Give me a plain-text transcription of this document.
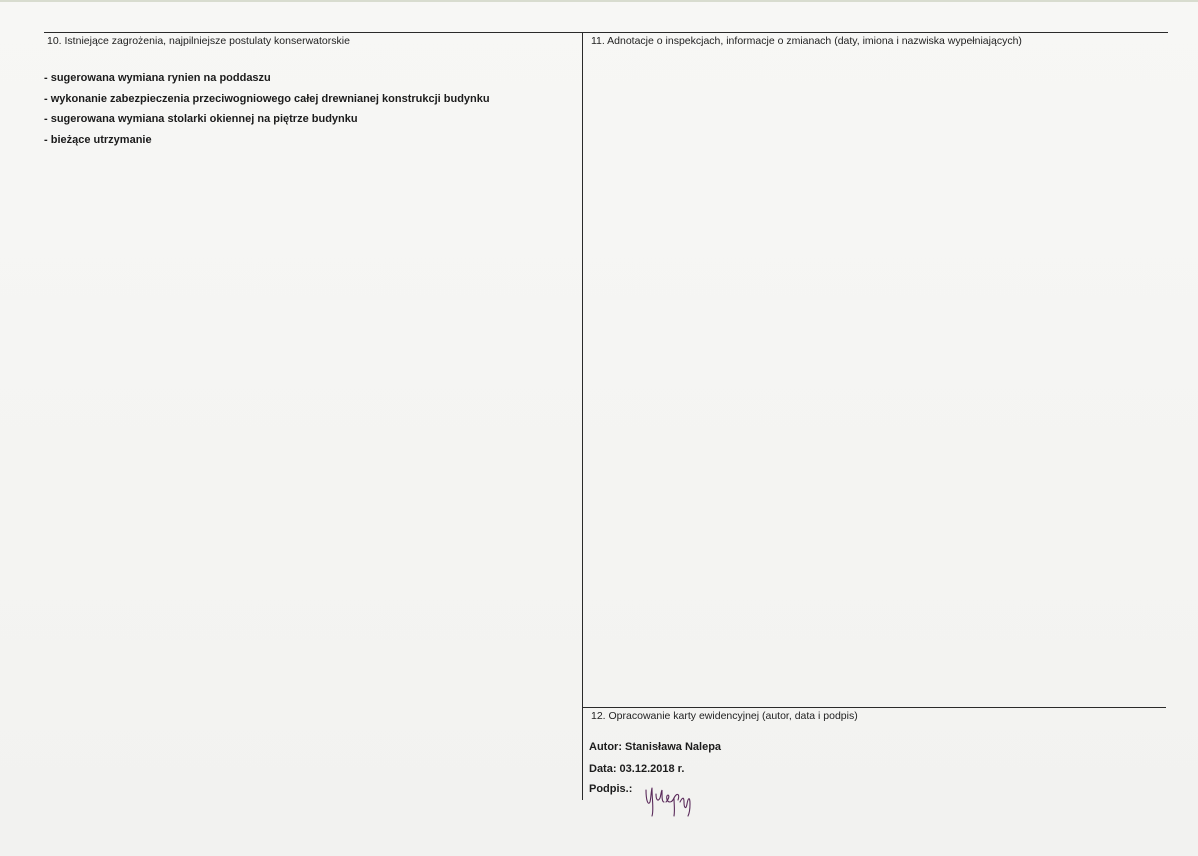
10. Istniejące zagrożenia, najpilniejsze postulaty konserwatorskie
- sugerowana wymiana rynien na poddaszu
- wykonanie zabezpieczenia przeciwogniowego całej drewnianej konstrukcji budynku
- sugerowana wymiana stolarki okiennej na piętrze budynku
- bieżące utrzymanie
11. Adnotacje o inspekcjach, informacje o zmianach (daty, imiona i nazwiska wypełniających)
12. Opracowanie karty ewidencyjnej (autor, data i podpis)
Autor: Stanisława Nalepa
Data: 03.12.2018 r.
Podpis.:
